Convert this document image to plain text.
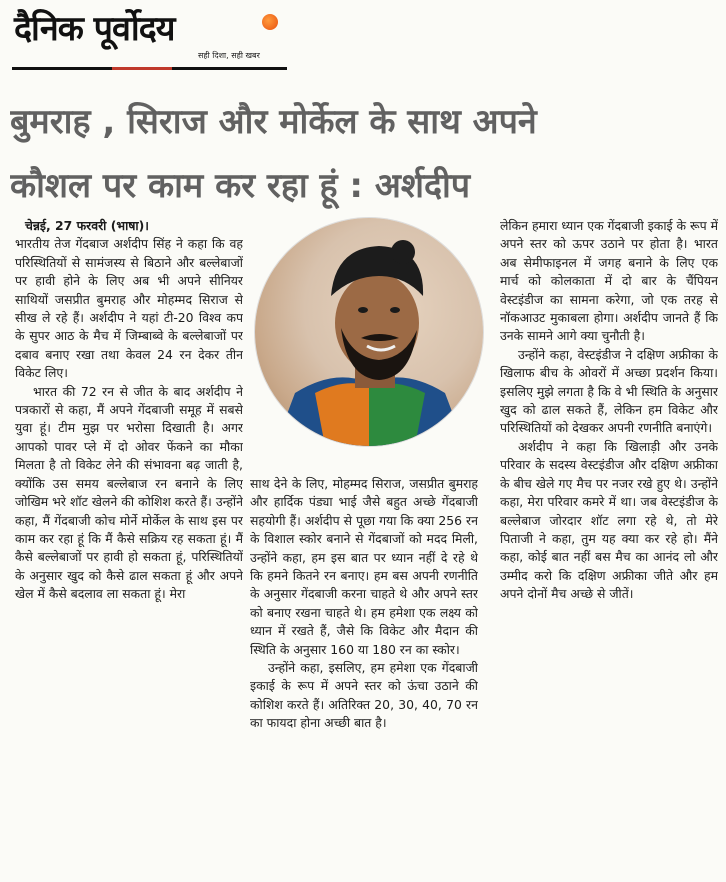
दैनिक पूर्वोदय
सही दिशा, सही खबर
बुमराह , सिराज और मोर्केल के साथ अपने
कौशल पर काम कर रहा हूं : अर्शदीप

चेन्नई, 27 फरवरी (भाषा)।

भारतीय तेज गेंदबाज अर्शदीप सिंह ने कहा कि वह परिस्थितियों से सामंजस्य से बिठाने और बल्लेबाजों पर हावी होने के लिए अब भी अपने सीनियर साथियों जसप्रीत बुमराह और मोहम्मद सिराज से सीख ले रहे हैं। अर्शदीप ने यहां टी-20 विश्व कप के सुपर आठ के मैच में जिम्बाब्वे के बल्लेबाजों पर दबाव बनाए रखा तथा केवल 24 रन देकर तीन विकेट लिए।

भारत की 72 रन से जीत के बाद अर्शदीप ने पत्रकारों से कहा, मैं अपने गेंदबाजी समूह में सबसे युवा हूं। टीम मुझ पर भरोसा दिखाती है। अगर आपको पावर प्ले में दो ओवर फेंकने का मौका मिलता है तो विकेट लेने की संभावना बढ़ जाती है, क्योंकि उस समय बल्लेबाज रन बनाने के लिए जोखिम भरे शॉट खेलने की कोशिश करते हैं। उन्होंने कहा, मैं गेंदबाजी कोच मोर्ने मोर्केल के साथ इस पर काम कर रहा हूं कि मैं कैसे सक्रिय रह सकता हूं। मैं कैसे बल्लेबाजों पर हावी हो सकता हूं, परिस्थितियों के अनुसार खुद को कैसे ढाल सकता हूं और अपने खेल में कैसे बदलाव ला सकता हूं। मेरा

साथ देने के लिए, मोहम्मद सिराज, जसप्रीत बुमराह और हार्दिक पंड्या भाई जैसे बहुत अच्छे गेंदबाजी सहयोगी हैं। अर्शदीप से पूछा गया कि क्या 256 रन के विशाल स्कोर बनाने से गेंदबाजों को मदद मिली, उन्होंने कहा, हम इस बात पर ध्यान नहीं दे रहे थे कि हमने कितने रन बनाए। हम बस अपनी रणनीति के अनुसार गेंदबाजी करना चाहते थे और अपने स्तर को बनाए रखना चाहते थे। हम हमेशा एक लक्ष्य को ध्यान में रखते हैं, जैसे कि विकेट और मैदान की स्थिति के अनुसार 160 या 180 रन का स्कोर।

उन्होंने कहा, इसलिए, हम हमेशा एक गेंदबाजी इकाई के रूप में अपने स्तर को ऊंचा उठाने की कोशिश करते हैं। अतिरिक्त 20, 30, 40, 70 रन का फायदा होना अच्छी बात है।

लेकिन हमारा ध्यान एक गेंदबाजी इकाई के रूप में अपने स्तर को ऊपर उठाने पर होता है। भारत अब सेमीफाइनल में जगह बनाने के लिए एक मार्च को कोलकाता में दो बार के चैंपियन वेस्टइंडीज का सामना करेगा, जो एक तरह से नॉकआउट मुकाबला होगा। अर्शदीप जानते हैं कि उनके सामने आगे क्या चुनौती है।

उन्होंने कहा, वेस्टइंडीज ने दक्षिण अफ्रीका के खिलाफ बीच के ओवरों में अच्छा प्रदर्शन किया। इसलिए मुझे लगता है कि वे भी स्थिति के अनुसार खुद को ढाल सकते हैं, लेकिन हम विकेट और परिस्थितियों को देखकर अपनी रणनीति बनाएंगे।

अर्शदीप ने कहा कि खिलाड़ी और उनके परिवार के सदस्य वेस्टइंडीज और दक्षिण अफ्रीका के बीच खेले गए मैच पर नजर रखे हुए थे। उन्होंने कहा, मेरा परिवार कमरे में था। जब वेस्टइंडीज के बल्लेबाज जोरदार शॉट लगा रहे थे, तो मेरे पिताजी ने कहा, तुम यह क्या कर रहे हो। मैंने कहा, कोई बात नहीं बस मैच का आनंद लो और उम्मीद करो कि दक्षिण अफ्रीका जीते और हम अपने दोनों मैच अच्छे से जीतें।
